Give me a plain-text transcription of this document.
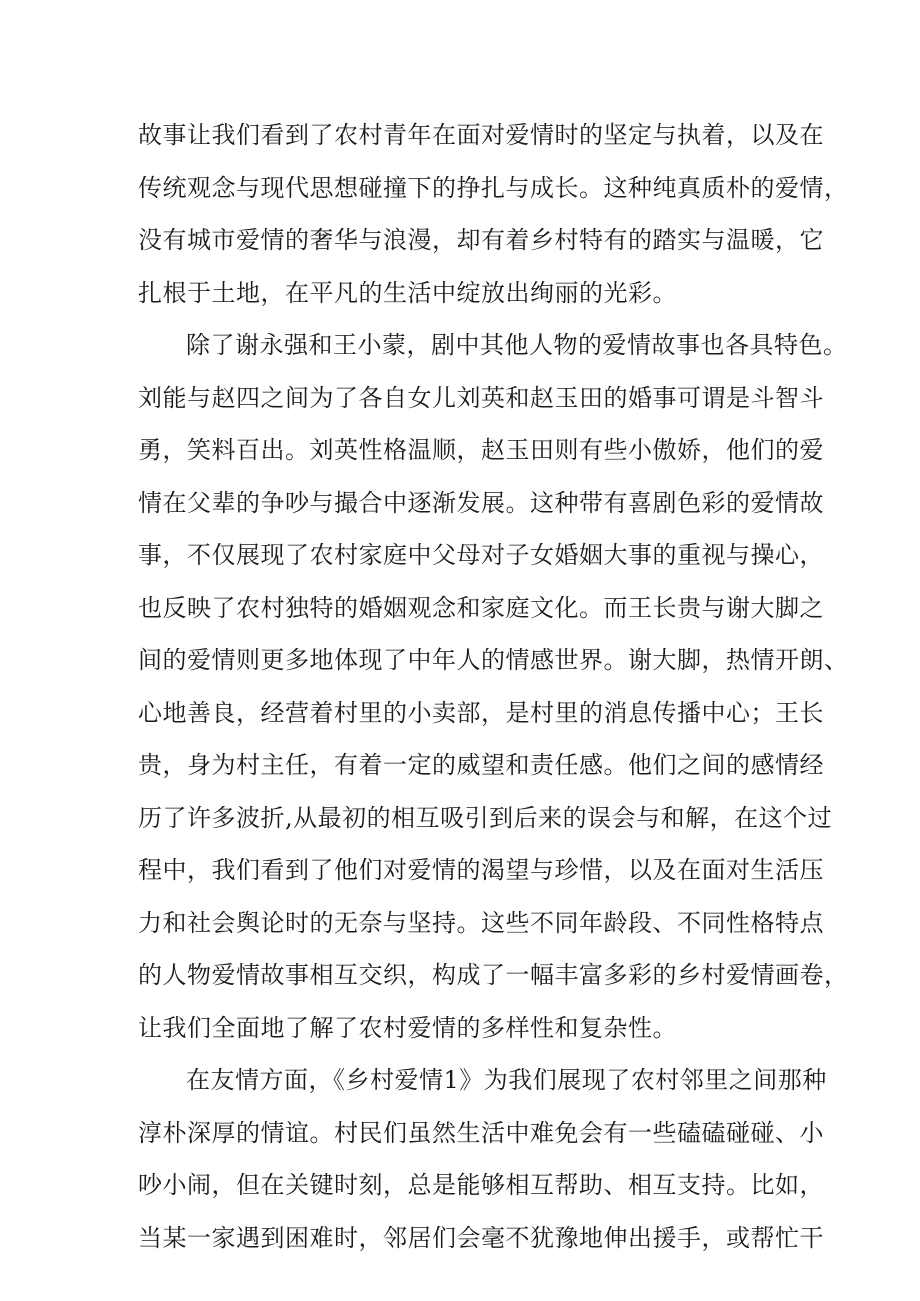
故事让我们看到了农村青年在面对爱情时的坚定与执着，以及在
传统观念与现代思想碰撞下的挣扎与成长。这种纯真质朴的爱情，
没有城市爱情的奢华与浪漫，却有着乡村特有的踏实与温暖，它
扎根于土地，在平凡的生活中绽放出绚丽的光彩。
除了谢永强和王小蒙，剧中其他人物的爱情故事也各具特色。
刘能与赵四之间为了各自女儿刘英和赵玉田的婚事可谓是斗智斗
勇，笑料百出。刘英性格温顺，赵玉田则有些小傲娇，他们的爱
情在父辈的争吵与撮合中逐渐发展。这种带有喜剧色彩的爱情故
事，不仅展现了农村家庭中父母对子女婚姻大事的重视与操心，
也反映了农村独特的婚姻观念和家庭文化。而王长贵与谢大脚之
间的爱情则更多地体现了中年人的情感世界。谢大脚，热情开朗、
心地善良，经营着村里的小卖部，是村里的消息传播中心；王长
贵，身为村主任，有着一定的威望和责任感。他们之间的感情经
历了许多波折,从最初的相互吸引到后来的误会与和解，在这个过
程中，我们看到了他们对爱情的渴望与珍惜，以及在面对生活压
力和社会舆论时的无奈与坚持。这些不同年龄段、不同性格特点
的人物爱情故事相互交织，构成了一幅丰富多彩的乡村爱情画卷，
让我们全面地了解了农村爱情的多样性和复杂性。
在友情方面，《乡村爱情1》为我们展现了农村邻里之间那种
淳朴深厚的情谊。村民们虽然生活中难免会有一些磕磕碰碰、小
吵小闹，但在关键时刻，总是能够相互帮助、相互支持。比如，
当某一家遇到困难时，邻居们会毫不犹豫地伸出援手，或帮忙干
